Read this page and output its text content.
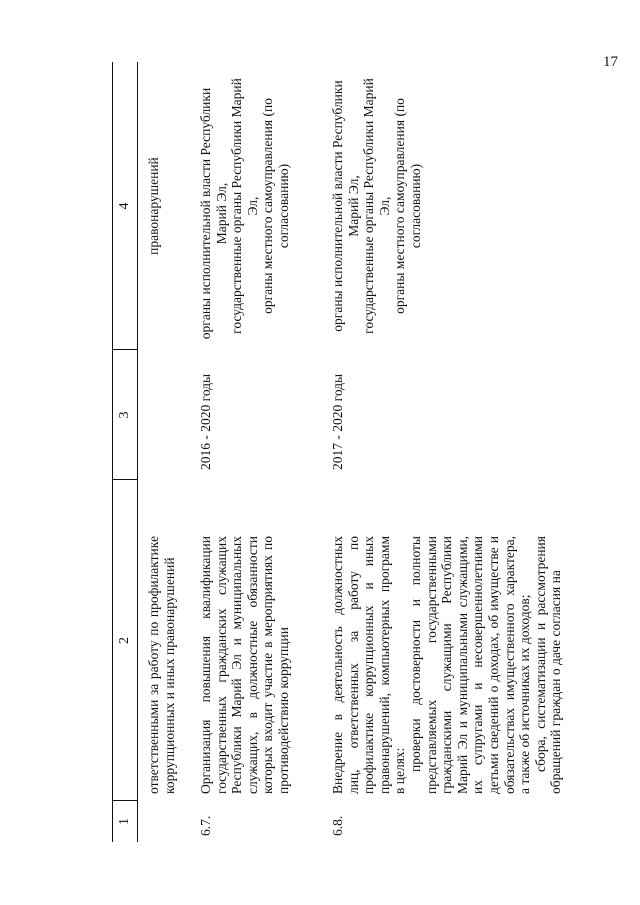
17
1
2
3
4
ответственными за работу по профилактике коррупционных и иных правонарушений
правонарушений
6.7.
Организация повышения квалификации государственных гражданских служащих Республики Марий Эл и муниципальных служащих, в должностные обязанности которых входит участие в мероприятиях по противодействию коррупции
2016 - 2020 годы
органы исполнительной власти Республики Марий Эл, государственные органы Республики Марий Эл, органы местного самоуправления (по согласованию)
6.8.
Внедрение в деятельность должностных лиц, ответственных за работу по профилактике коррупционных и иных правонарушений, компьютерных программ в целях: проверки достоверности и полноты представляемых государственными гражданскими служащими Республики Марий Эл и муниципальными служащими, их супругами и несовершеннолетними детьми сведений о доходах, об имуществе и обязательствах имущественного характера, а также об источниках их доходов; сбора, систематизации и рассмотрения обращений граждан о даче согласия на
2017 - 2020 годы
органы исполнительной власти Республики Марий Эл, государственные органы Республики Марий Эл, органы местного самоуправления (по согласованию)
